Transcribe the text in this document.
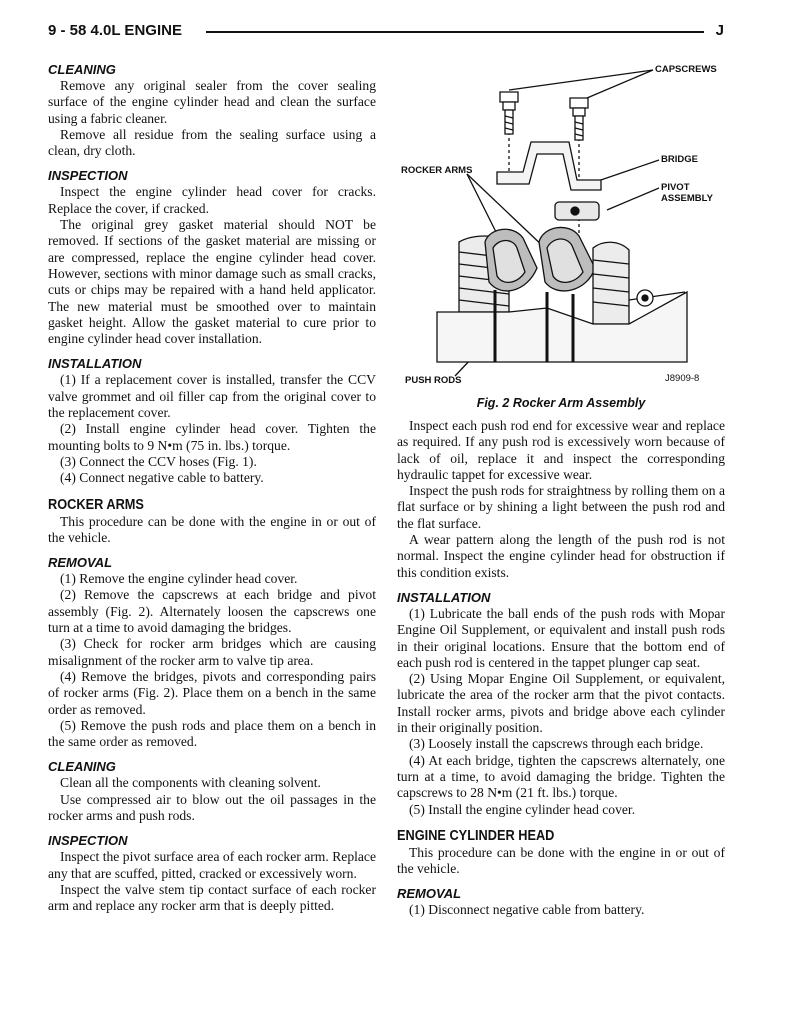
9 - 58 4.0L ENGINE	J
CLEANING

Remove any original sealer from the cover sealing surface of the engine cylinder head and clean the surface using a fabric cleaner.

Remove all residue from the sealing surface using a clean, dry cloth.

INSPECTION

Inspect the engine cylinder head cover for cracks. Replace the cover, if cracked.

The original grey gasket material should NOT be removed. If sections of the gasket material are missing or are compressed, replace the engine cylinder head cover. However, sections with minor damage such as small cracks, cuts or chips may be repaired with a hand held applicator. The new material must be smoothed over to maintain gasket height. Allow the gasket material to cure prior to engine cylinder head cover installation.

INSTALLATION

(1) If a replacement cover is installed, transfer the CCV valve grommet and oil filler cap from the original cover to the replacement cover.

(2) Install engine cylinder head cover. Tighten the mounting bolts to 9 N•m (75 in. lbs.) torque.

(3) Connect the CCV hoses (Fig. 1).

(4) Connect negative cable to battery.

ROCKER ARMS

This procedure can be done with the engine in or out of the vehicle.

REMOVAL

(1) Remove the engine cylinder head cover.

(2) Remove the capscrews at each bridge and pivot assembly (Fig. 2). Alternately loosen the capscrews one turn at a time to avoid damaging the bridges.

(3) Check for rocker arm bridges which are causing misalignment of the rocker arm to valve tip area.

(4) Remove the bridges, pivots and corresponding pairs of rocker arms (Fig. 2). Place them on a bench in the same order as removed.

(5) Remove the push rods and place them on a bench in the same order as removed.

CLEANING

Clean all the components with cleaning solvent.

Use compressed air to blow out the oil passages in the rocker arms and push rods.

INSPECTION

Inspect the pivot surface area of each rocker arm. Replace any that are scuffed, pitted, cracked or excessively worn.

Inspect the valve stem tip contact surface of each rocker arm and replace any rocker arm that is deeply pitted.

CAPSCREWS
BRIDGE
PIVOT
ASSEMBLY
ROCKER ARMS
PUSH RODS	J8909-8
Fig. 2 Rocker Arm Assembly

Inspect each push rod end for excessive wear and replace as required. If any push rod is excessively worn because of lack of oil, replace it and inspect the corresponding hydraulic tappet for excessive wear.

Inspect the push rods for straightness by rolling them on a flat surface or by shining a light between the push rod and the flat surface.

A wear pattern along the length of the push rod is not normal. Inspect the engine cylinder head for obstruction if this condition exists.

INSTALLATION

(1) Lubricate the ball ends of the push rods with Mopar Engine Oil Supplement, or equivalent and install push rods in their original locations. Ensure that the bottom end of each push rod is centered in the tappet plunger cap seat.

(2) Using Mopar Engine Oil Supplement, or equivalent, lubricate the area of the rocker arm that the pivot contacts. Install rocker arms, pivots and bridge above each cylinder in their originally position.

(3) Loosely install the capscrews through each bridge.

(4) At each bridge, tighten the capscrews alternately, one turn at a time, to avoid damaging the bridge. Tighten the capscrews to 28 N•m (21 ft. lbs.) torque.

(5) Install the engine cylinder head cover.

ENGINE CYLINDER HEAD

This procedure can be done with the engine in or out of the vehicle.

REMOVAL

(1) Disconnect negative cable from battery.
